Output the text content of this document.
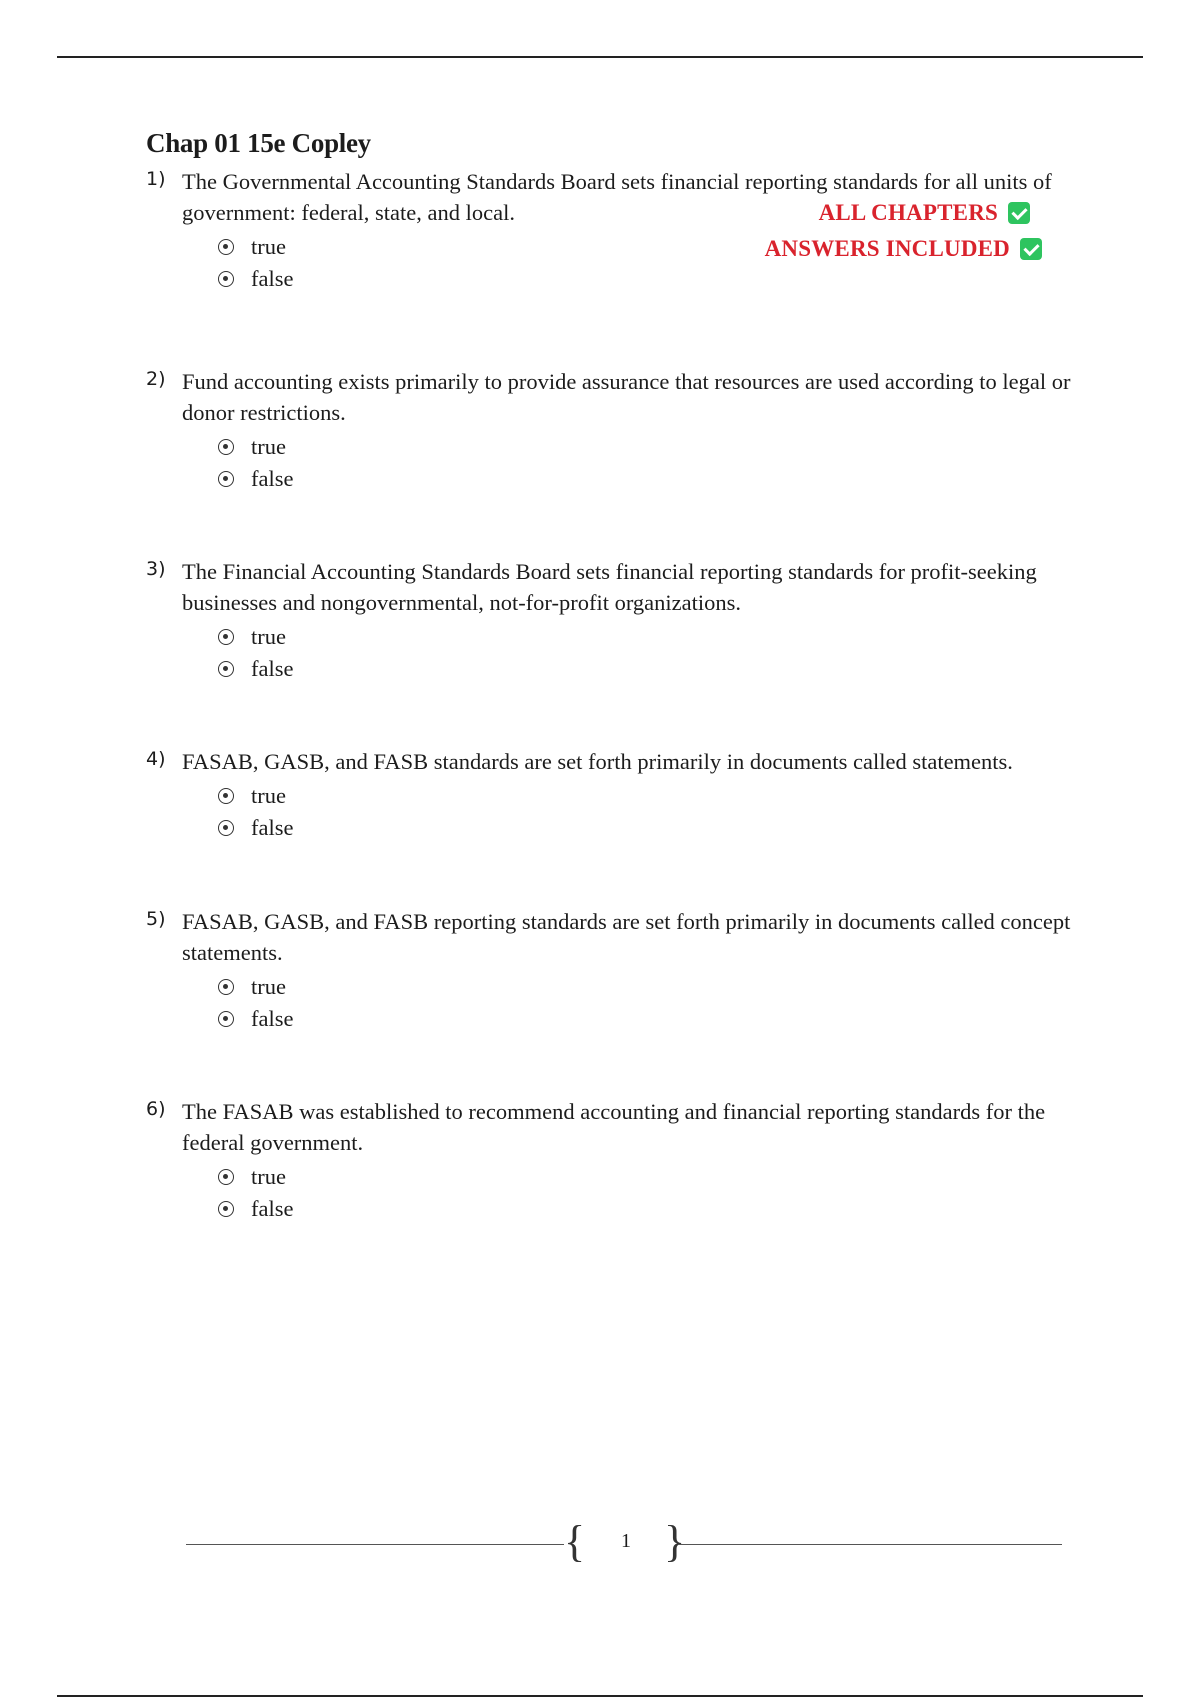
Chap 01 15e Copley
ALL CHAPTERS
ANSWERS INCLUDED
1) The Governmental Accounting Standards Board sets financial reporting standards for all units of government: federal, state, and local.
true
false
2) Fund accounting exists primarily to provide assurance that resources are used according to legal or donor restrictions.
true
false
3) The Financial Accounting Standards Board sets financial reporting standards for profit-seeking businesses and nongovernmental, not-for-profit organizations.
true
false
4) FASAB, GASB, and FASB standards are set forth primarily in documents called statements.
true
false
5) FASAB, GASB, and FASB reporting standards are set forth primarily in documents called concept statements.
true
false
6) The FASAB was established to recommend accounting and financial reporting standards for the federal government.
true
false
{ 1 }
